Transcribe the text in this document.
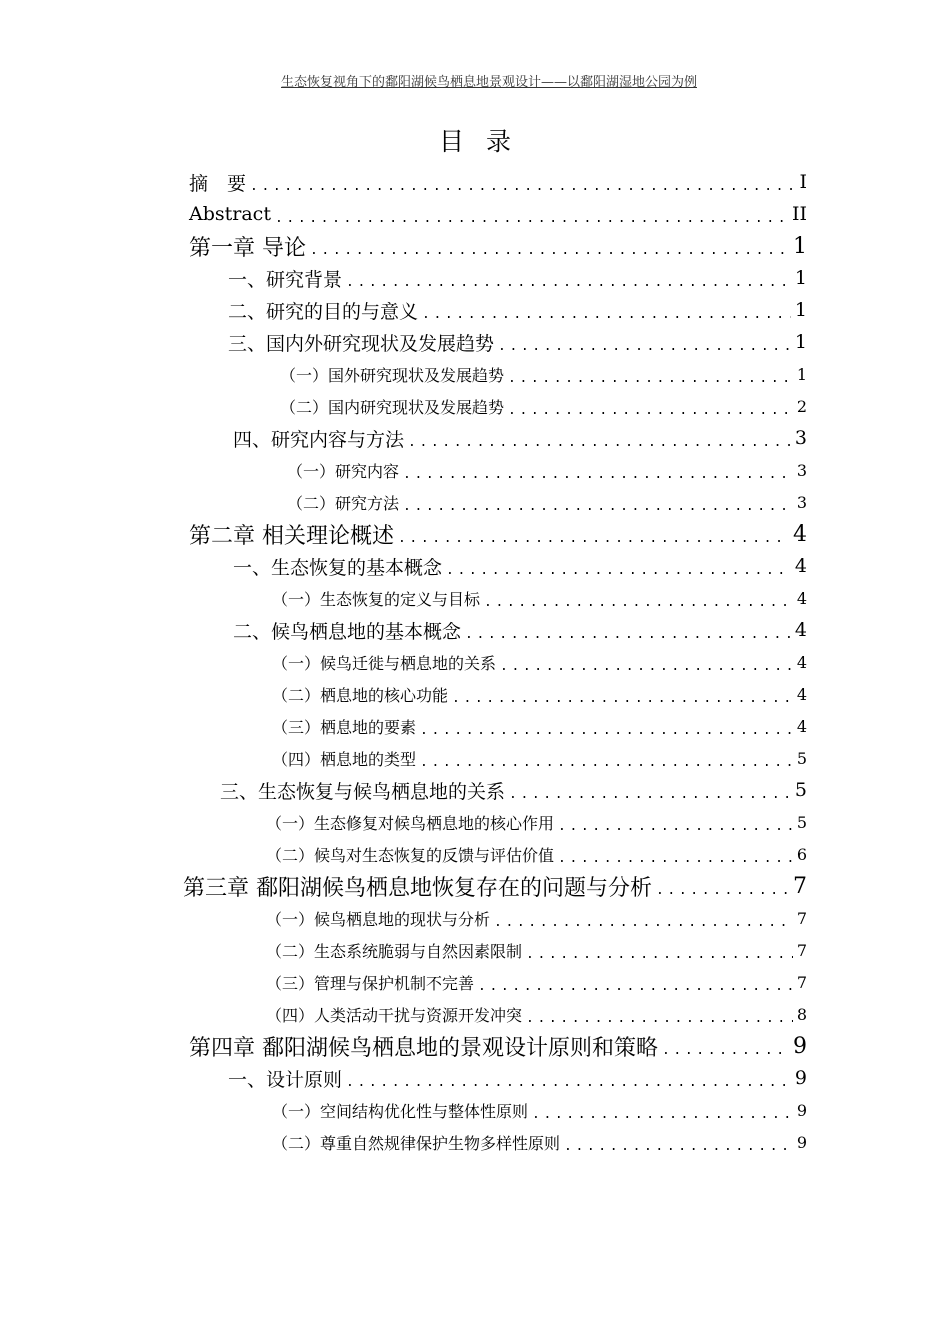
生态恢复视角下的鄱阳湖候鸟栖息地景观设计——以鄱阳湖湿地公园为例
目录
摘　要 .....	I
Abstract .....	II
第一章 导论 .....	1
一、研究背景 .....	1
二、研究的目的与意义 .....	1
三、国内外研究现状及发展趋势 .....	1
（一）国外研究现状及发展趋势 .....	1
（二）国内研究现状及发展趋势 .....	2
四、研究内容与方法 .....	3
（一）研究内容 .....	3
（二）研究方法 .....	3
第二章 相关理论概述 .....	4
一、生态恢复的基本概念 .....	4
（一）生态恢复的定义与目标 .....	4
二、候鸟栖息地的基本概念 .....	4
（一）候鸟迁徙与栖息地的关系 .....	4
（二）栖息地的核心功能 .....	4
（三）栖息地的要素 .....	4
（四）栖息地的类型 .....	5
三、生态恢复与候鸟栖息地的关系 .....	5
（一）生态修复对候鸟栖息地的核心作用 .....	5
（二）候鸟对生态恢复的反馈与评估价值 .....	6
第三章 鄱阳湖候鸟栖息地恢复存在的问题与分析 .....	7
（一）候鸟栖息地的现状与分析 .....	7
（二）生态系统脆弱与自然因素限制 .....	7
（三）管理与保护机制不完善 .....	7
（四）人类活动干扰与资源开发冲突 .....	8
第四章 鄱阳湖候鸟栖息地的景观设计原则和策略 .....	9
一、设计原则 .....	9
（一）空间结构优化性与整体性原则 .....	9
（二）尊重自然规律保护生物多样性原则 .....	9
